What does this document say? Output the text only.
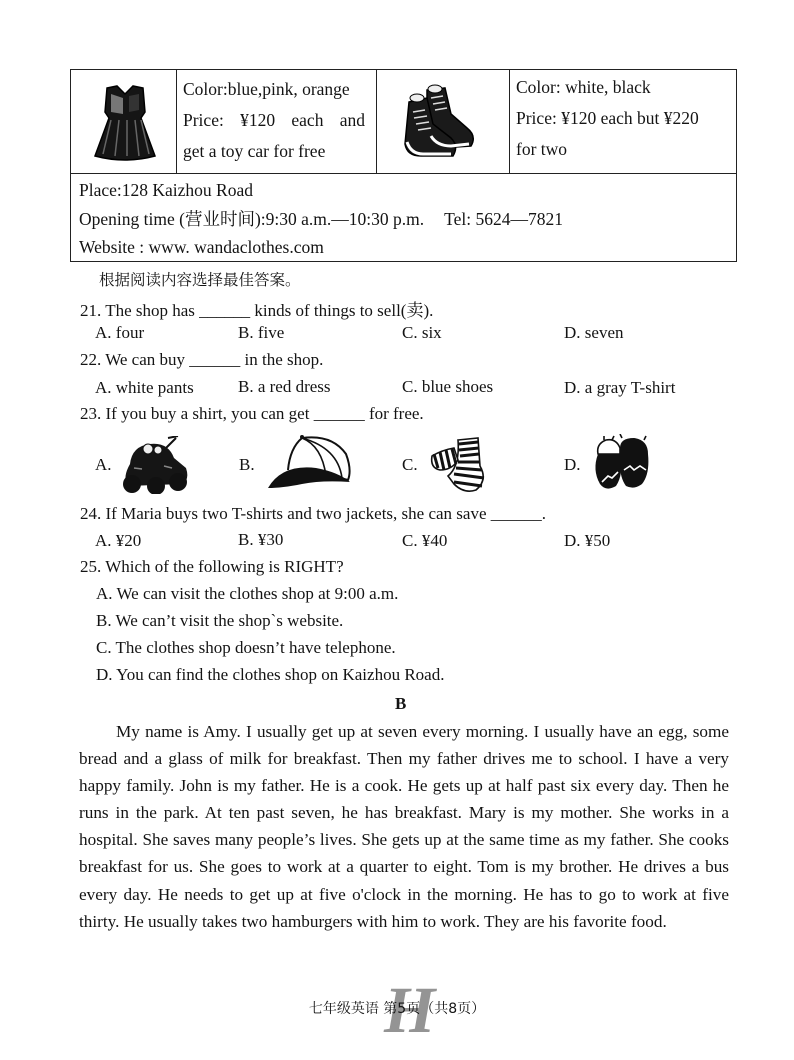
Color:blue,pink, orange
Price: ¥120 each and
get a toy car for free
Color: white, black
Price: ¥120 each but ¥220
for two
Place:128 Kaizhou Road
Opening time (营业时间):9:30 a.m.—10:30 p.m. Tel: 5624—7821
Website : www. wandaclothes.com
根据阅读内容选择最佳答案。
21. The shop has ______ kinds of things to sell(卖).
A. four	B. five	C. six	D. seven
22. We can buy ______ in the shop.
A. white pants	B. a red dress	C. blue shoes	D. a gray T-shirt
23. If you buy a shirt, you can get ______ for free.
A.	B.	C.	D.
24. If Maria buys two T-shirts and two jackets, she can save ______.
A. ¥20	B. ¥30	C. ¥40	D. ¥50
25. Which of the following is RIGHT?
A. We can visit the clothes shop at 9:00 a.m.
B. We can’t visit the shop`s website.
C. The clothes shop doesn’t have telephone.
D. You can find the clothes shop on Kaizhou Road.
B
My name is Amy. I usually get up at seven every morning. I usually have an egg, some bread and a glass of milk for breakfast. Then my father drives me to school. I have a very happy family. John is my father. He is a cook. He gets up at half past six every day. Then he runs in the park. At ten past seven, he has breakfast. Mary is my mother. She works in a hospital. She saves many people’s lives. She gets up at the same time as my father. She cooks breakfast for us. She goes to work at a quarter to eight. Tom is my brother. He drives a bus every day. He needs to get up at five o'clock in the morning. He has to go to work at five thirty. He usually takes two hamburgers with him to work. They are his favorite food.
H
七年级英语 第5页（共8页）
